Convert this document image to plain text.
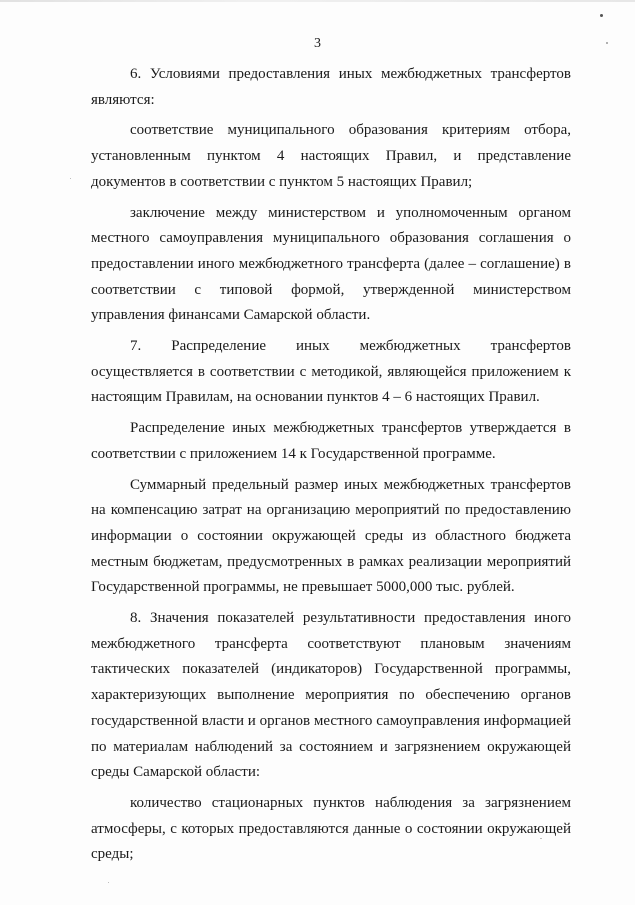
3

6. Условиями предоставления иных межбюджетных трансфертов являются:

соответствие муниципального образования критериям отбора, установленным пунктом 4 настоящих Правил, и представление документов в соответствии с пунктом 5 настоящих Правил;

заключение между министерством и уполномоченным органом местного самоуправления муниципального образования соглашения о предоставлении иного межбюджетного трансферта (далее – соглашение) в соответствии с типовой формой, утвержденной министерством управления финансами Самарской области.

7. Распределение иных межбюджетных трансфертов осуществляется в соответствии с методикой, являющейся приложением к настоящим Правилам, на основании пунктов 4 – 6 настоящих Правил.

Распределение иных межбюджетных трансфертов утверждается в соответствии с приложением 14 к Государственной программе.

Суммарный предельный размер иных межбюджетных трансфертов на компенсацию затрат на организацию мероприятий по предоставлению информации о состоянии окружающей среды из областного бюджета местным бюджетам, предусмотренных в рамках реализации мероприятий Государственной программы, не превышает 5000,000 тыс. рублей.

8. Значения показателей результативности предоставления иного межбюджетного трансферта соответствуют плановым значениям тактических показателей (индикаторов) Государственной программы, характеризующих выполнение мероприятия по обеспечению органов государственной власти и органов местного самоуправления информацией по материалам наблюдений за состоянием и загрязнением окружающей среды Самарской области:

количество стационарных пунктов наблюдения за загрязнением атмосферы, с которых предоставляются данные о состоянии окружающей среды;
